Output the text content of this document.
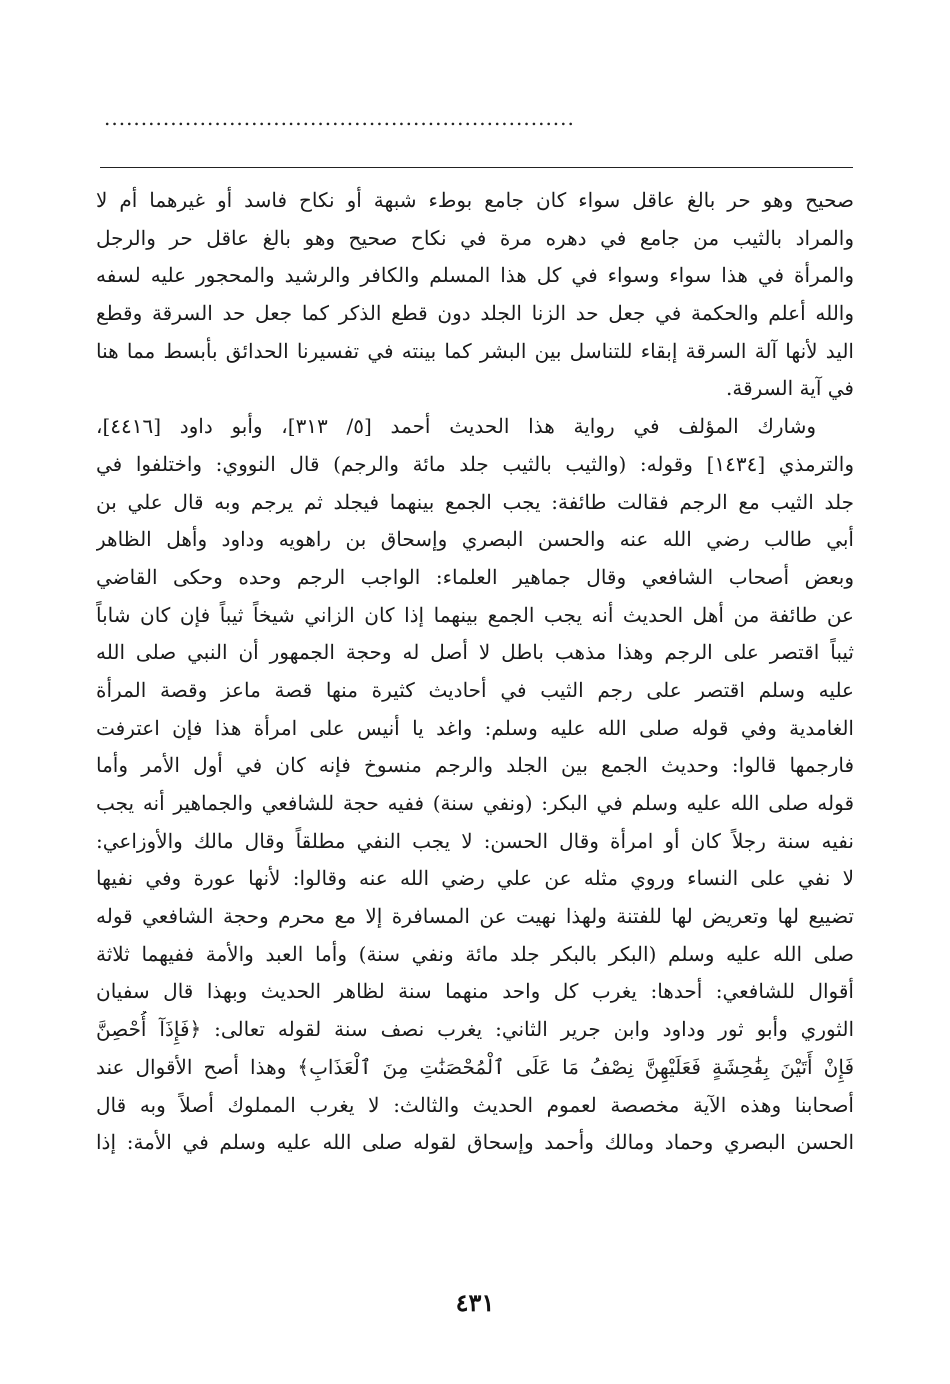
................................................................
صحيح وهو حر بالغ عاقل سواء كان جامع بوطء شبهة أو نكاح فاسد أو غيرهما أم لا
والمراد بالثيب من جامع في دهره مرة في نكاح صحيح وهو بالغ عاقل حر والرجل
والمرأة في هذا سواء وسواء في كل هذا المسلم والكافر والرشيد والمحجور عليه لسفه
والله أعلم والحكمة في جعل حد الزنا الجلد دون قطع الذكر كما جعل حد السرقة وقطع
اليد لأنها آلة السرقة إبقاء للتناسل بين البشر كما بينته في تفسيرنا الحدائق بأبسط مما هنا
في آية السرقة.
وشارك المؤلف في رواية هذا الحديث أحمد [٥/ ٣١٣]، وأبو داود [٤٤١٦]،
والترمذي [١٤٣٤] وقوله: (والثيب بالثيب جلد مائة والرجم) قال النووي: واختلفوا في
جلد الثيب مع الرجم فقالت طائفة: يجب الجمع بينهما فيجلد ثم يرجم وبه قال علي بن
أبي طالب رضي الله عنه والحسن البصري وإسحاق بن راهويه وداود وأهل الظاهر
وبعض أصحاب الشافعي وقال جماهير العلماء: الواجب الرجم وحده وحكى القاضي
عن طائفة من أهل الحديث أنه يجب الجمع بينهما إذا كان الزاني شيخاً ثيباً فإن كان شاباً
ثيباً اقتصر على الرجم وهذا مذهب باطل لا أصل له وحجة الجمهور أن النبي صلى الله
عليه وسلم اقتصر على رجم الثيب في أحاديث كثيرة منها قصة ماعز وقصة المرأة
الغامدية وفي قوله صلى الله عليه وسلم: واغد يا أنيس على امرأة هذا فإن اعترفت
فارجمها قالوا: وحديث الجمع بين الجلد والرجم منسوخ فإنه كان في أول الأمر وأما
قوله صلى الله عليه وسلم في البكر: (ونفي سنة) ففيه حجة للشافعي والجماهير أنه يجب
نفيه سنة رجلاً كان أو امرأة وقال الحسن: لا يجب النفي مطلقاً وقال مالك والأوزاعي:
لا نفي على النساء وروي مثله عن علي رضي الله عنه وقالوا: لأنها عورة وفي نفيها
تضييع لها وتعريض لها للفتنة ولهذا نهيت عن المسافرة إلا مع محرم وحجة الشافعي قوله
صلى الله عليه وسلم (البكر بالبكر جلد مائة ونفي سنة) وأما العبد والأمة ففيهما ثلاثة
أقوال للشافعي: أحدها: يغرب كل واحد منهما سنة لظاهر الحديث وبهذا قال سفيان
الثوري وأبو ثور وداود وابن جرير الثاني: يغرب نصف سنة لقوله تعالى: ﴿فَإِذَآ أُحْصِنَّ
فَإِنْ أَتَيْنَ بِفَٰحِشَةٍ فَعَلَيْهِنَّ نِصْفُ مَا عَلَى ٱلْمُحْصَنَٰتِ مِنَ ٱلْعَذَابِ﴾ وهذا أصح الأقوال عند
أصحابنا وهذه الآية مخصصة لعموم الحديث والثالث: لا يغرب المملوك أصلاً وبه قال
الحسن البصري وحماد ومالك وأحمد وإسحاق لقوله صلى الله عليه وسلم في الأمة: إذا
٤٣١
